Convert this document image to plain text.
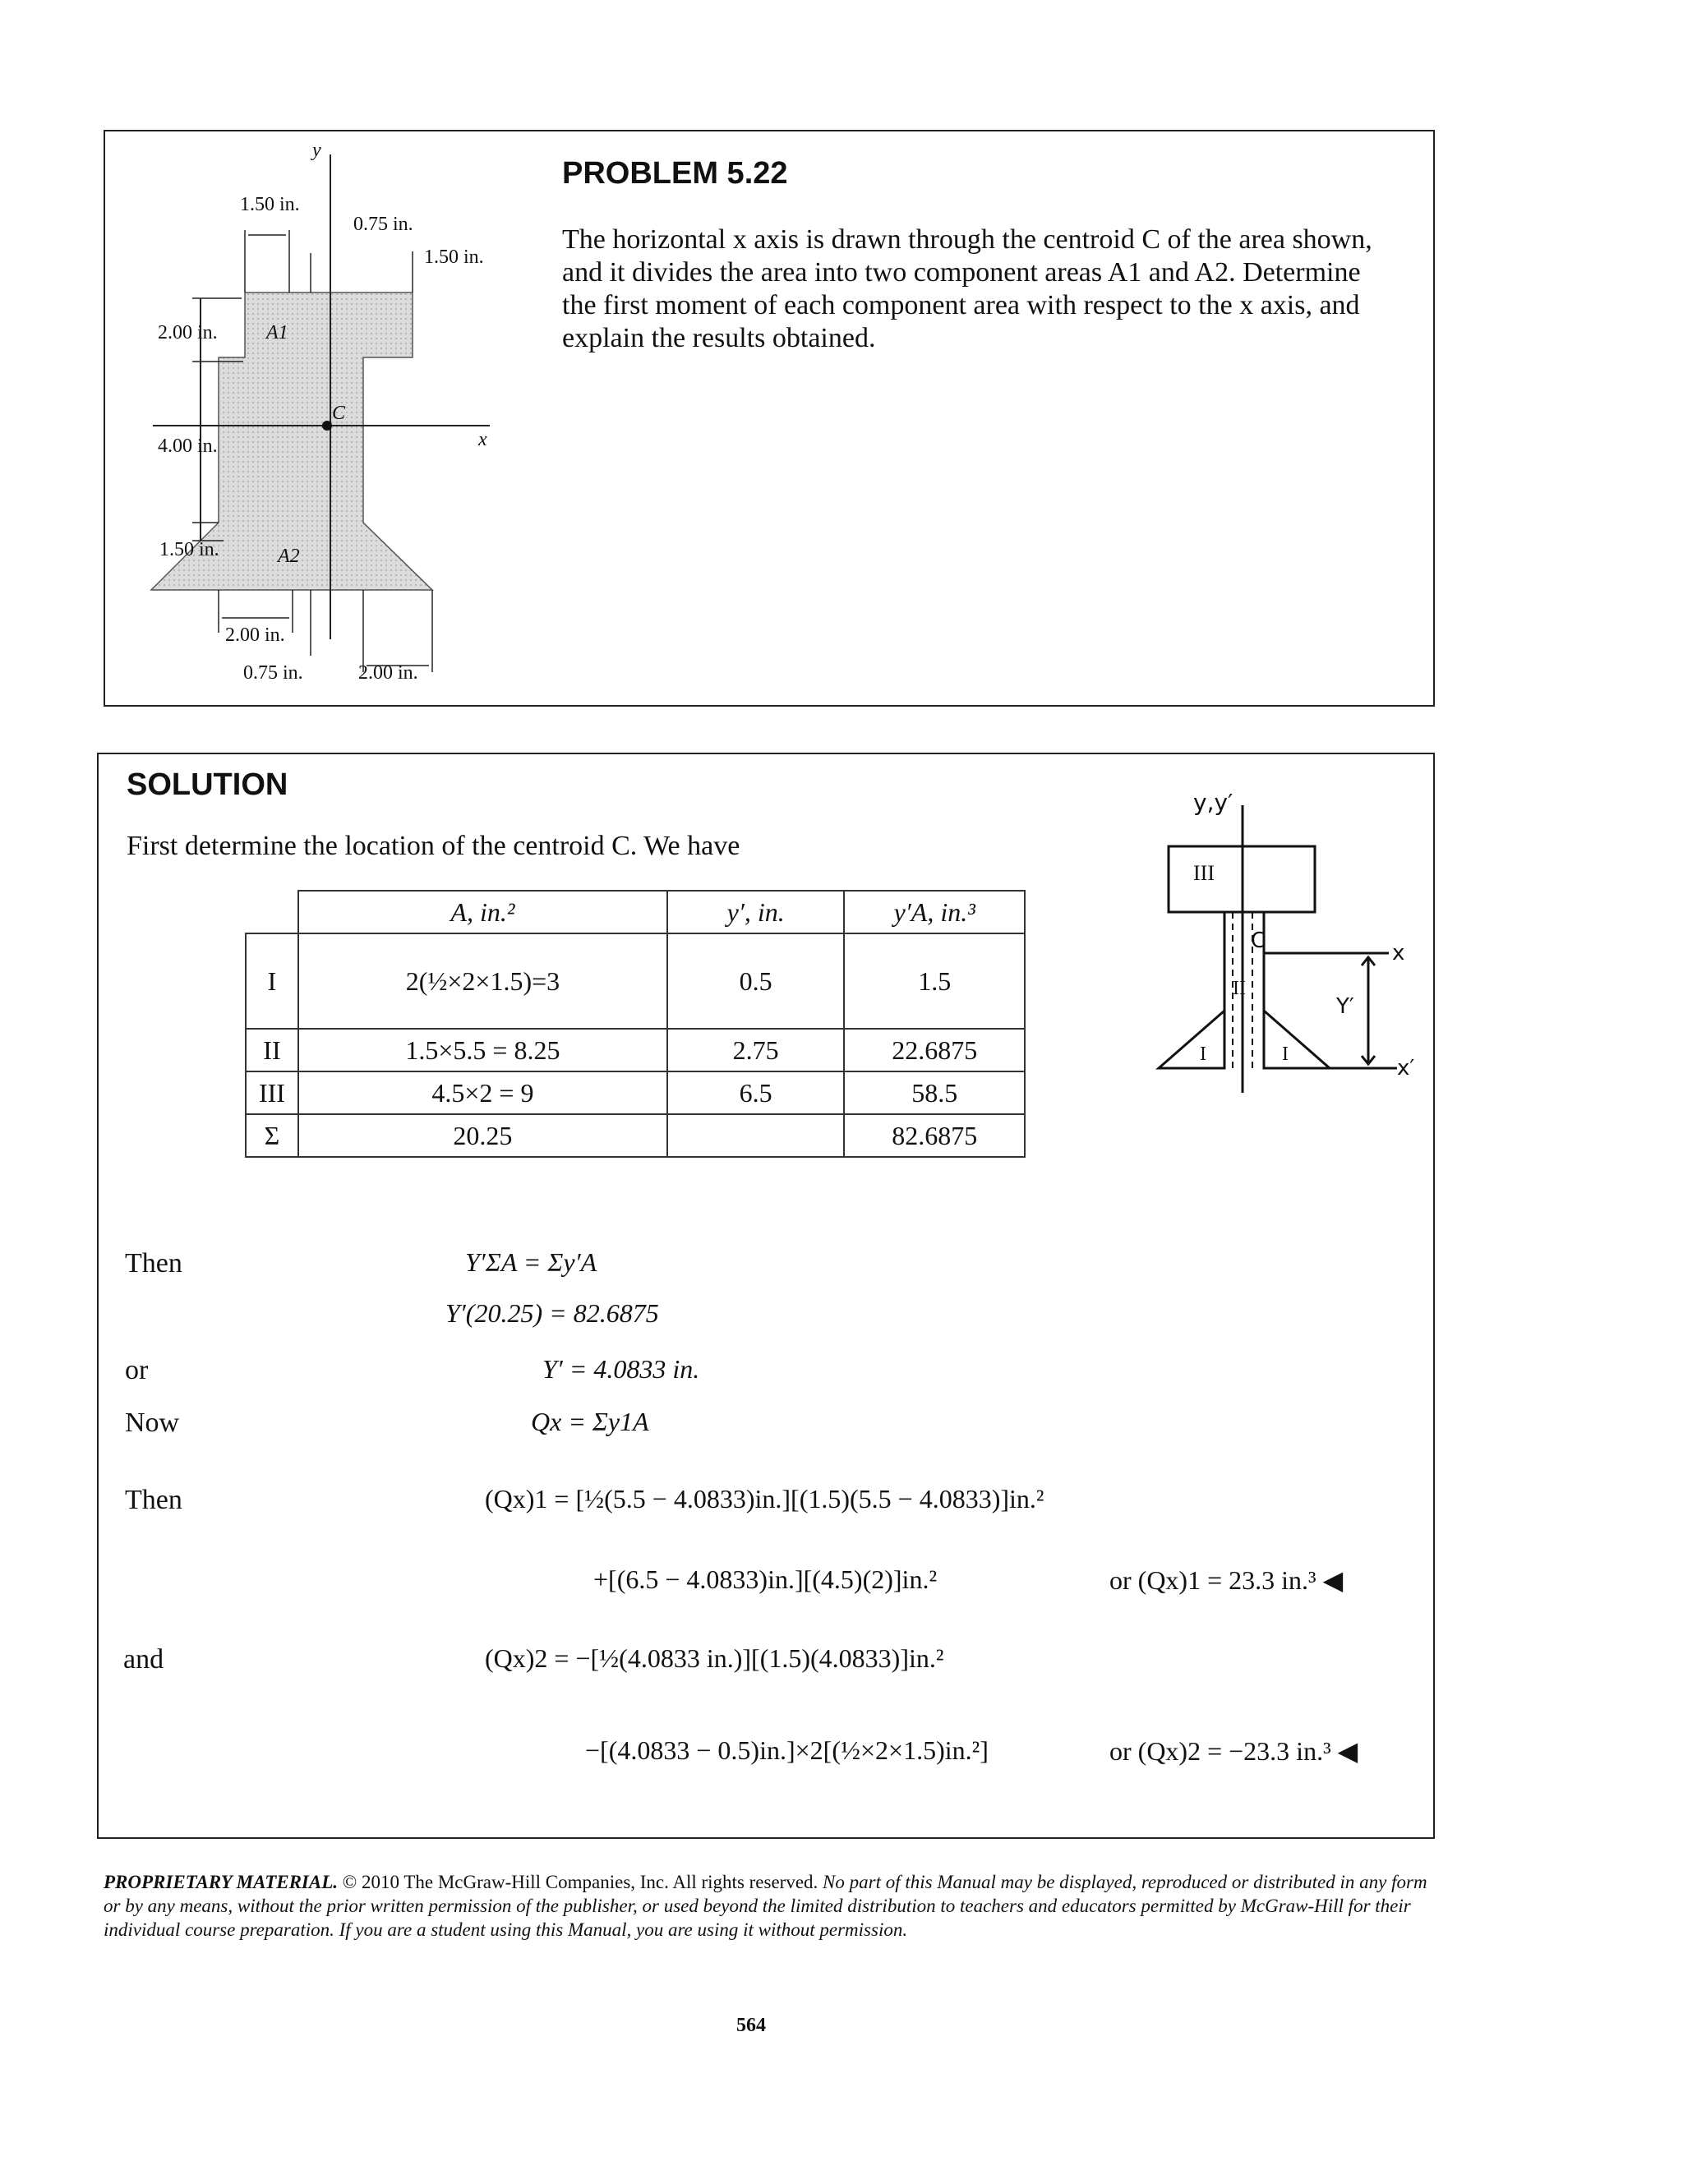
y
1.50 in.
0.75 in.
1.50 in.
2.00 in. A1
C
x
4.00 in.
1.50 in.	A2
2.00 in.
0.75 in.	2.00 in.
PROBLEM 5.22
The horizontal x axis is drawn through the centroid C of the area shown,
and it divides the area into two component areas A1 and A2. Determine
the first moment of each component area with respect to the x axis, and
explain the results obtained.
SOLUTION
First determine the location of the centroid C. We have
	A, in.²	y′, in.	y′A, in.³
I	2(½×2×1.5)=3	0.5	1.5
II	1.5×5.5 = 8.25	2.75	22.6875
III	4.5×2 = 9	6.5	58.5
Σ	20.25		82.6875
y,y′
III
II
I	I
C	x
Y′
x′
Then
or
Now
Then
and
Y′ΣA = Σy′A
Y′(20.25) = 82.6875
Y′ = 4.0833 in.
Qx = Σy1A
(Qx)1 = [½(5.5 − 4.0833)in.][(1.5)(5.5 − 4.0833)]in.²
+[(6.5 − 4.0833)in.][(4.5)(2)]in.²	or (Qx)1 = 23.3 in.³ ◀
(Qx)2 = −[½(4.0833 in.)][(1.5)(4.0833)]in.²
−[(4.0833 − 0.5)in.]×2[(½×2×1.5)in.²]	or (Qx)2 = −23.3 in.³ ◀
PROPRIETARY MATERIAL. © 2010 The McGraw-Hill Companies, Inc. All rights reserved. No part of this Manual may be displayed, reproduced or distributed in any form or by any means, without the prior written permission of the publisher, or used beyond the limited distribution to teachers and educators permitted by McGraw-Hill for their individual course preparation. If you are a student using this Manual, you are using it without permission.
564
